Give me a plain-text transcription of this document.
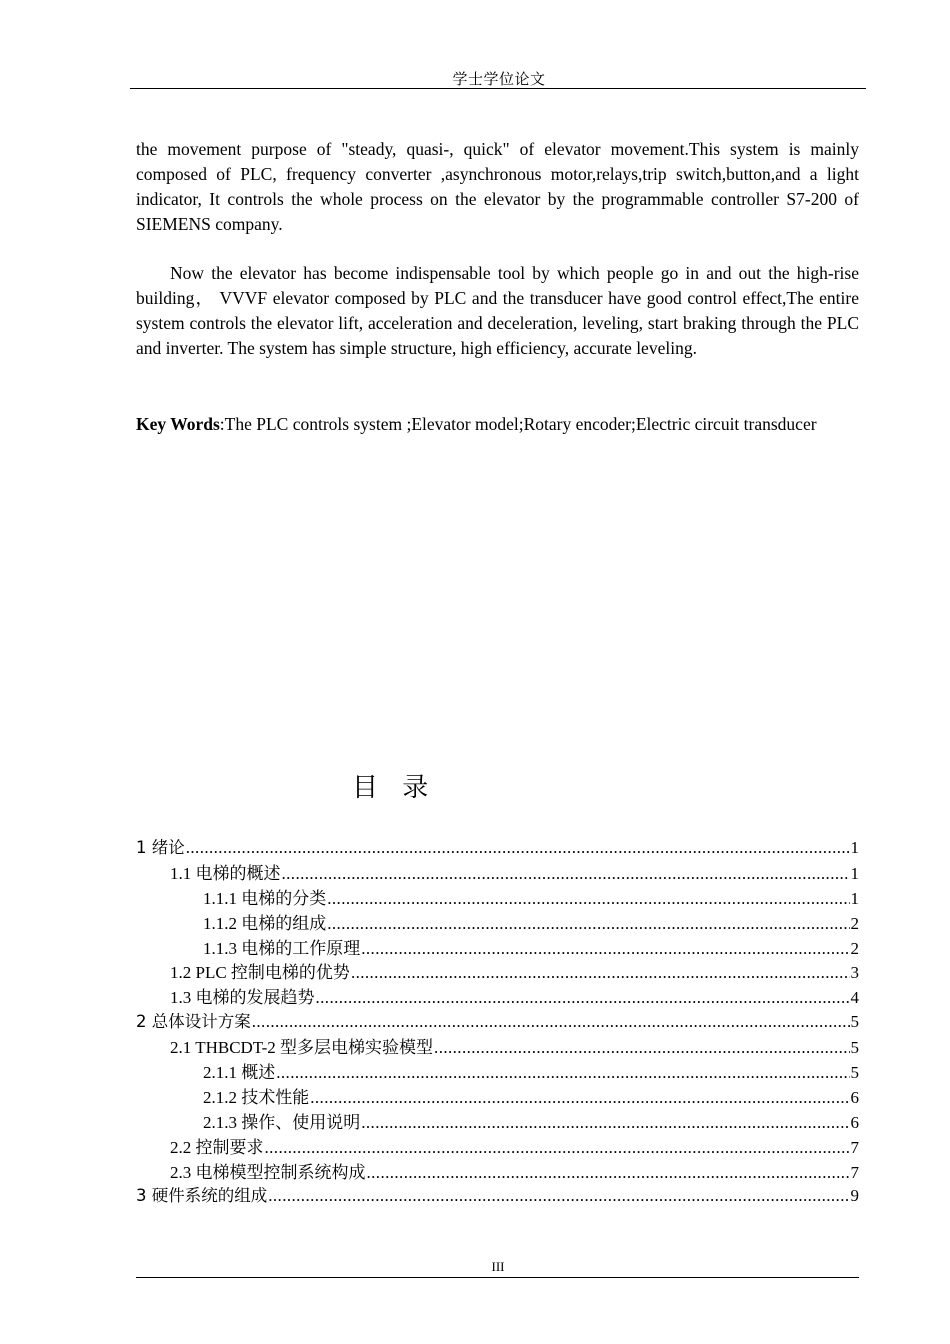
学士学位论文
the movement purpose of "steady, quasi-, quick" of elevator movement.This system is mainly composed of PLC, frequency converter ,asynchronous motor,relays,trip switch,button,and a light indicator, It controls the whole process on the elevator by the programmable controller S7-200 of SIEMENS company.
Now the elevator has become indispensable tool by which people go in and out the high-rise building， VVVF elevator composed by PLC and the transducer have good control effect,The entire system controls the elevator lift, acceleration and deceleration, leveling, start braking through the PLC and inverter. The system has simple structure, high efficiency, accurate leveling.
Key Words:The PLC controls system ;Elevator model;Rotary encoder;Electric circuit transducer
目 录
1 绪论 .....	1
1.1 电梯的概述 .....	1
1.1.1 电梯的分类 .....	1
1.1.2 电梯的组成 .....	2
1.1.3 电梯的工作原理 .....	2
1.2 PLC 控制电梯的优势 .....	3
1.3 电梯的发展趋势 .....	4
2 总体设计方案 .....	5
2.1 THBCDT-2 型多层电梯实验模型 .....	5
2.1.1 概述 .....	5
2.1.2 技术性能 .....	6
2.1.3 操作、使用说明 .....	6
2.2 控制要求 .....	7
2.3 电梯模型控制系统构成 .....	7
3 硬件系统的组成 .....	9
III
